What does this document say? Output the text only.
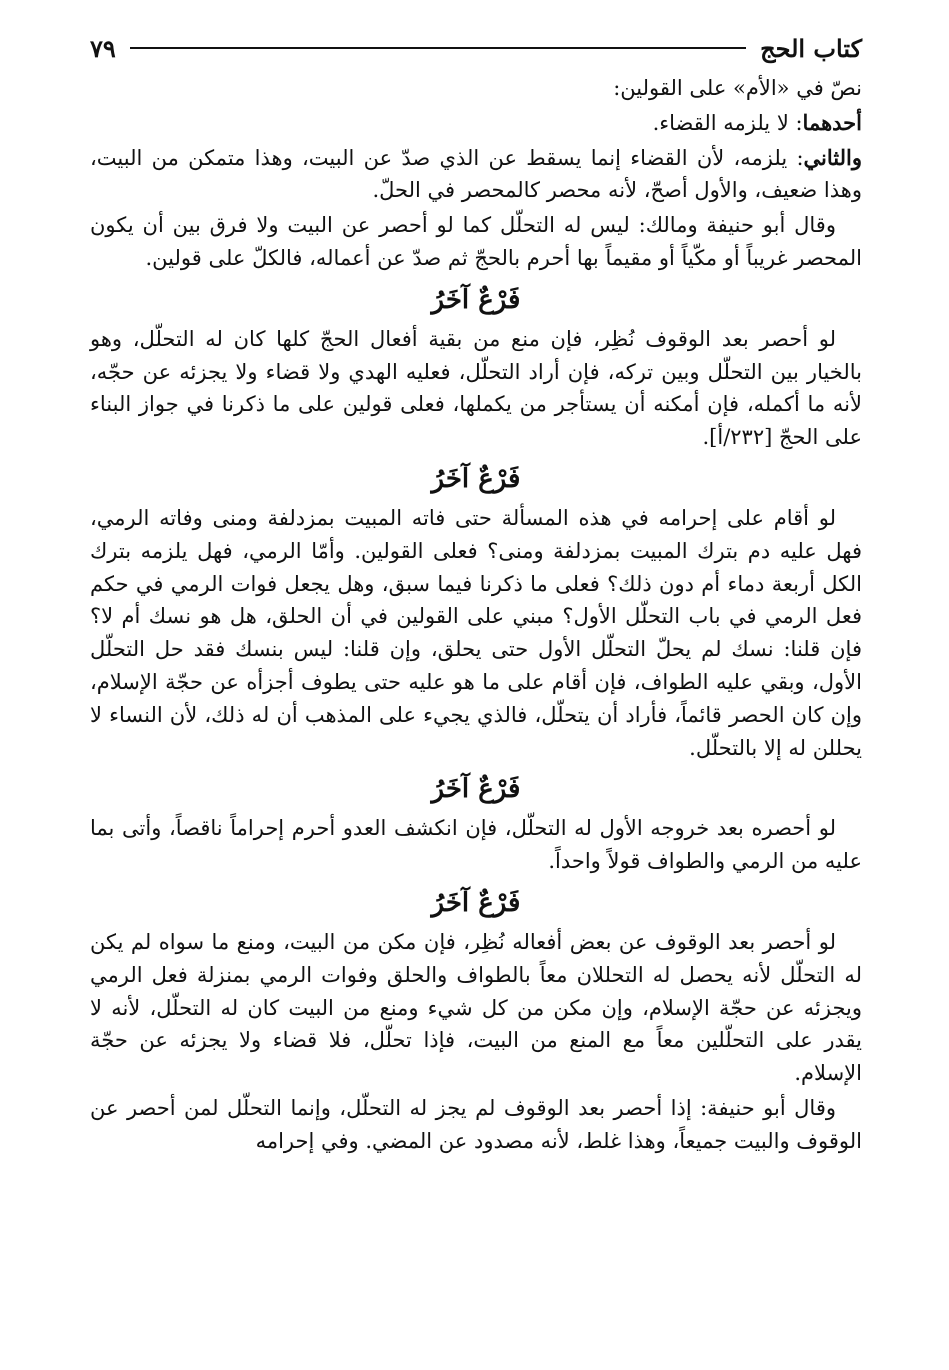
كتاب الحج
٧٩

نصّ في «الأم» على القولين:

أحدهما: لا يلزمه القضاء.

والثاني: يلزمه، لأن القضاء إنما يسقط عن الذي صدّ عن البيت، وهذا متمكن من البيت، وهذا ضعيف، والأول أصحّ، لأنه محصر كالمحصر في الحلّ.

وقال أبو حنيفة ومالك: ليس له التحلّل كما لو أحصر عن البيت ولا فرق بين أن يكون المحصر غريباً أو مكّياً أو مقيماً بها أحرم بالحجّ ثم صدّ عن أعماله، فالكلّ على قولين.

فَرْعٌ آخَرُ

لو أحصر بعد الوقوف نُظِر، فإن منع من بقية أفعال الحجّ كلها كان له التحلّل، وهو بالخيار بين التحلّل وبين تركه، فإن أراد التحلّل، فعليه الهدي ولا قضاء ولا يجزئه عن حجّه، لأنه ما أكمله، فإن أمكنه أن يستأجر من يكملها، فعلى قولين على ما ذكرنا في جواز البناء على الحجّ [٢٣٢/أ].

فَرْعٌ آخَرُ

لو أقام على إحرامه في هذه المسألة حتى فاته المبيت بمزدلفة ومنى وفاته الرمي، فهل عليه دم بترك المبيت بمزدلفة ومنى؟ فعلى القولين. وأمّا الرمي، فهل يلزمه بترك الكل أربعة دماء أم دون ذلك؟ فعلى ما ذكرنا فيما سبق، وهل يجعل فوات الرمي في حكم فعل الرمي في باب التحلّل الأول؟ مبني على القولين في أن الحلق، هل هو نسك أم لا؟ فإن قلنا: نسك لم يحلّ التحلّل الأول حتى يحلق، وإن قلنا: ليس بنسك فقد حل التحلّل الأول، وبقي عليه الطواف، فإن أقام على ما هو عليه حتى يطوف أجزأه عن حجّة الإسلام، وإن كان الحصر قائماً، فأراد أن يتحلّل، فالذي يجيء على المذهب أن له ذلك، لأن النساء لا يحللن له إلا بالتحلّل.

فَرْعٌ آخَرُ

لو أحصره بعد خروجه الأول له التحلّل، فإن انكشف العدو أحرم إحراماً ناقصاً، وأتى بما عليه من الرمي والطواف قولاً واحداً.

فَرْعٌ آخَرُ

لو أحصر بعد الوقوف عن بعض أفعاله نُظِر، فإن مكن من البيت، ومنع ما سواه لم يكن له التحلّل لأنه يحصل له التحللان معاً بالطواف والحلق وفوات الرمي بمنزلة فعل الرمي ويجزئه عن حجّة الإسلام، وإن مكن من كل شيء ومنع من البيت كان له التحلّل، لأنه لا يقدر على التحلّلين معاً مع المنع من البيت، فإذا تحلّل، فلا قضاء ولا يجزئه عن حجّة الإسلام.

وقال أبو حنيفة: إذا أحصر بعد الوقوف لم يجز له التحلّل، وإنما التحلّل لمن أحصر عن الوقوف والبيت جميعاً، وهذا غلط، لأنه مصدود عن المضي. وفي إحرامه
